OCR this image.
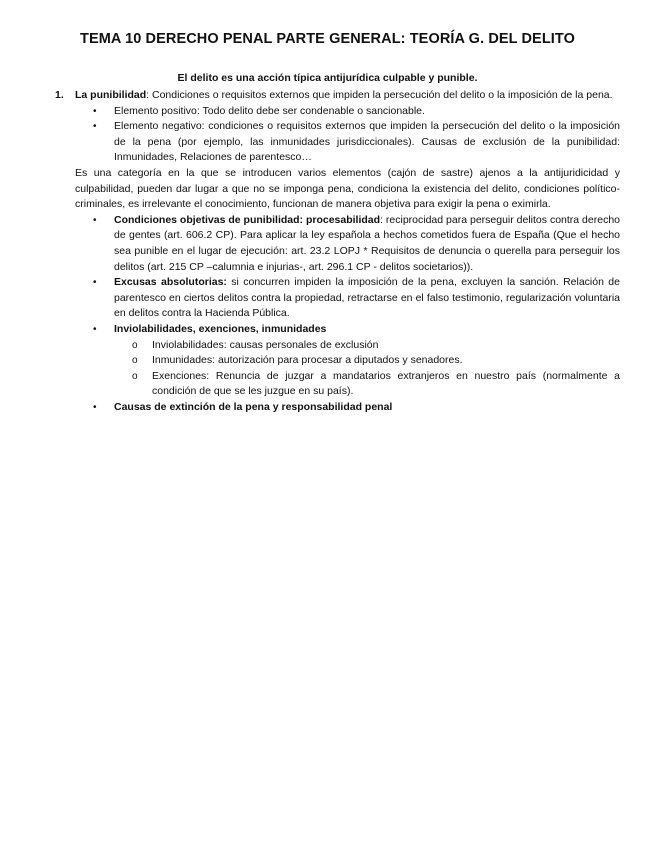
TEMA 10 DERECHO PENAL PARTE GENERAL: TEORÍA G. DEL DELITO
El delito es una acción típica antijurídica culpable y punible.
1. La punibilidad: Condiciones o requisitos externos que impiden la persecución del delito o la imposición de la pena.
• Elemento positivo: Todo delito debe ser condenable o sancionable.
• Elemento negativo: condiciones o requisitos externos que impiden la persecución del delito o la imposición de la pena (por ejemplo, las inmunidades jurisdiccionales). Causas de exclusión de la punibilidad: Inmunidades, Relaciones de parentesco…
Es una categoría en la que se introducen varios elementos (cajón de sastre) ajenos a la antijuridicidad y culpabilidad, pueden dar lugar a que no se imponga pena, condiciona la existencia del delito, condiciones político-criminales, es irrelevante el conocimiento, funcionan de manera objetiva para exigir la pena o eximirla.
• Condiciones objetivas de punibilidad: procesabilidad: reciprocidad para perseguir delitos contra derecho de gentes (art. 606.2 CP). Para aplicar la ley española a hechos cometidos fuera de España (Que el hecho sea punible en el lugar de ejecución: art. 23.2 LOPJ * Requisitos de denuncia o querella para perseguir los delitos (art. 215 CP –calumnia e injurias-, art. 296.1 CP - delitos societarios)).
• Excusas absolutorias: si concurren impiden la imposición de la pena, excluyen la sanción. Relación de parentesco en ciertos delitos contra la propiedad, retractarse en el falso testimonio, regularización voluntaria en delitos contra la Hacienda Pública.
• Inviolabilidades, exenciones, inmunidades
o Inviolabilidades: causas personales de exclusión
o Inmunidades: autorización para procesar a diputados y senadores.
o Exenciones: Renuncia de juzgar a mandatarios extranjeros en nuestro país (normalmente a condición de que se les juzgue en su país).
• Causas de extinción de la pena y responsabilidad penal
